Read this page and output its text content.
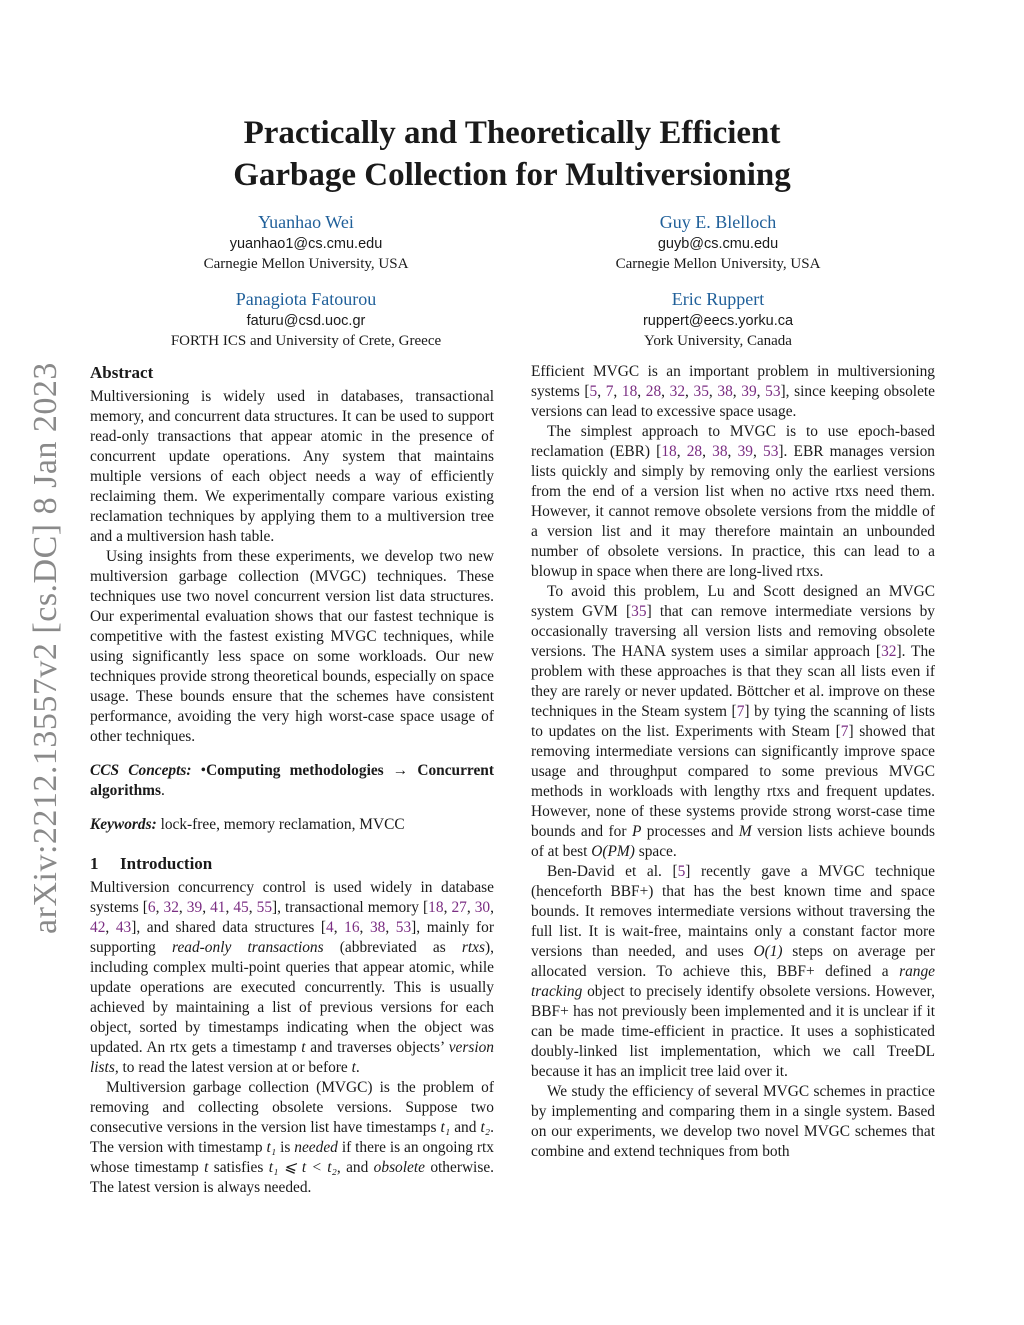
arXiv:2212.13557v2 [cs.DC] 8 Jan 2023
Practically and Theoretically Efficient
Garbage Collection for Multiversioning
Yuanhao Wei
yuanhao1@cs.cmu.edu
Carnegie Mellon University, USA
Guy E. Blelloch
guyb@cs.cmu.edu
Carnegie Mellon University, USA
Panagiota Fatourou
faturu@csd.uoc.gr
FORTH ICS and University of Crete, Greece
Eric Ruppert
ruppert@eecs.yorku.ca
York University, Canada
Abstract

Multiversioning is widely used in databases, transactional memory, and concurrent data structures. It can be used to support read-only transactions that appear atomic in the presence of concurrent update operations. Any system that maintains multiple versions of each object needs a way of efficiently reclaiming them. We experimentally compare various existing reclamation techniques by applying them to a multiversion tree and a multiversion hash table.

Using insights from these experiments, we develop two new multiversion garbage collection (MVGC) techniques. These techniques use two novel concurrent version list data structures. Our experimental evaluation shows that our fastest technique is competitive with the fastest existing MVGC techniques, while using significantly less space on some workloads. Our new techniques provide strong theoretical bounds, especially on space usage. These bounds ensure that the schemes have consistent performance, avoiding the very high worst-case space usage of other techniques.

CCS Concepts: •Computing methodologies → Concurrent algorithms.

Keywords: lock-free, memory reclamation, MVCC

1 Introduction

Multiversion concurrency control is used widely in database systems [6, 32, 39, 41, 45, 55], transactional memory [18, 27, 30, 42, 43], and shared data structures [4, 16, 38, 53], mainly for supporting read-only transactions (abbreviated as rtxs), including complex multi-point queries that appear atomic, while update operations are executed concurrently. This is usually achieved by maintaining a list of previous versions for each object, sorted by timestamps indicating when the object was updated. An rtx gets a timestamp t and traverses objects’ version lists, to read the latest version at or before t.

Multiversion garbage collection (MVGC) is the problem of removing and collecting obsolete versions. Suppose two consecutive versions in the version list have timestamps t₁ and t₂. The version with timestamp t₁ is needed if there is an ongoing rtx whose timestamp t satisfies t₁ ⩽ t < t₂, and obsolete otherwise. The latest version is always needed.

Efficient MVGC is an important problem in multiversioning systems [5, 7, 18, 28, 32, 35, 38, 39, 53], since keeping obsolete versions can lead to excessive space usage.

The simplest approach to MVGC is to use epoch-based reclamation (EBR) [18, 28, 38, 39, 53]. EBR manages version lists quickly and simply by removing only the earliest versions from the end of a version list when no active rtxs need them. However, it cannot remove obsolete versions from the middle of a version list and it may therefore maintain an unbounded number of obsolete versions. In practice, this can lead to a blowup in space when there are long-lived rtxs.

To avoid this problem, Lu and Scott designed an MVGC system GVM [35] that can remove intermediate versions by occasionally traversing all version lists and removing obsolete versions. The HANA system uses a similar approach [32]. The problem with these approaches is that they scan all lists even if they are rarely or never updated. Böttcher et al. improve on these techniques in the Steam system [7] by tying the scanning of lists to updates on the list. Experiments with Steam [7] showed that removing intermediate versions can significantly improve space usage and throughput compared to some previous MVGC methods in workloads with lengthy rtxs and frequent updates. However, none of these systems provide strong worst-case time bounds and for P processes and M version lists achieve bounds of at best O(PM) space.

Ben-David et al. [5] recently gave a MVGC technique (henceforth BBF+) that has the best known time and space bounds. It removes intermediate versions without traversing the full list. It is wait-free, maintains only a constant factor more versions than needed, and uses O(1) steps on average per allocated version. To achieve this, BBF+ defined a range tracking object to precisely identify obsolete versions. However, BBF+ has not previously been implemented and it is unclear if it can be made time-efficient in practice. It uses a sophisticated doubly-linked list implementation, which we call TreeDL because it has an implicit tree laid over it.

We study the efficiency of several MVGC schemes in practice by implementing and comparing them in a single system. Based on our experiments, we develop two novel MVGC schemes that combine and extend techniques from both
